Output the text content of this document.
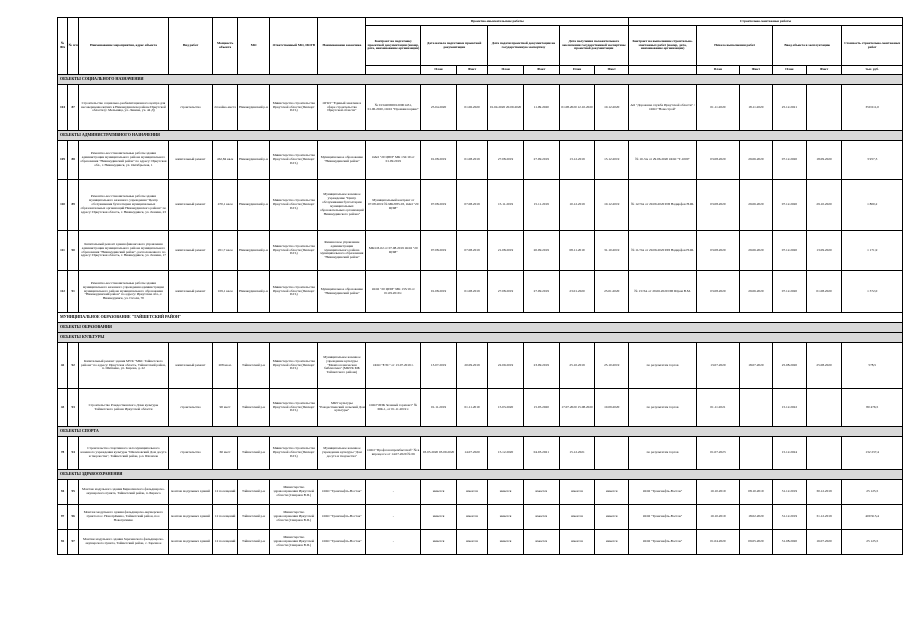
№ ФА	№ п/п	Наименование мероприятия, адрес объекта	Вид работ	Мощность объекта	МО	Ответственный МО, ИОГВ	Наименование заказчика	Проектно-изыскательские работы							Строительно-монтажные работы					
								Контракт на подготовку проектной документации (номер, дата, наименование организации)	Дата начала подготовки проектной документации		Дата подачи проектной документации на государственную экспертизу		Дата получения положительного заключения государственной экспертизы проектной документации		Контракт на выполнение строительно-монтажных работ (номер, дата, наименование организации)	Начало выполнения работ		Ввод объекта в эксплуатацию		Стоимость строительно-монтажных работ
									План	Факт	План	Факт	План	Факт		План	Факт	План	Факт	тыс. руб.
ОБЪЕКТЫ СОЦИАЛЬНОГО НАЗНАЧЕНИЯ																				
104	87	Строительство социально-реабилитационного центра для несовершеннолетних в Нижнеудинском районе Иркутской области (г. Мельница, ул. Ленина, уч. 44 Д)	строительство	24 койко-места	Нижнеудинский р-н	Министерство строительства Иркутской области (Пискорт П.П.)	ОГКУ "Единый заказчик в сфере строительства Иркутской области"	№ 0134200000120001431, 01.06.2020, ООО "Промжилсервис"	25.04.2020	01.06.2020	01.04.2020 20.09.2020	11.09.2020	01.08.2020 12.10.2020	10.12.2020	АО "Дорожная служба Иркутской области" / ООО "Новострой"	01.11.2020	18.11.2020	25.12.2021		350 611,0
ОБЪЕКТЫ АДМИНИСТРАТИВНОГО НАЗНАЧЕНИЯ																				
109	88	Ремонтно-восстановительные работы здания администрации муниципального района муниципального образования "Нижнеудинский район" по адресу: Иркутская обл., г. Нижнеудинск, ул. Октябрьская, 1	капитальный ремонт	462,84 кв.м	Нижнеудинский р-н	Министерство строительства Иркутской области (Пискорт П.П.)	Муниципальное образование "Нижнеудинский район"	ОАО "20 ЦПИ" МК 132/19 от 01.09.2019	01.08.2019	01.08.2019	27.08.2019	27.09.2019	13.12.2019	13.12.2019	№ 10-3А от 29.06.2020 ООО "Т-1000"	03.08.2020	29.06.2020	07.12.2020	18.09.2020	3 957,3
110	89	Ремонтно-восстановительные работы здания муниципального казенного учреждения "Центр обслуживания бухгалтерии муниципальных образовательных организаций Нижнеудинского района" по адресу: Иркутская область, г. Нижнеудинск, ул. Ленина, 23	капитальный ремонт	470,1 кв.м	Нижнеудинский р-н	Министерство строительства Иркутской области (Пискорт П.П.)	Муниципальное казенное учреждение "Центр обслуживания бухгалтерии муниципальных образовательных организаций Нижнеудинского района"	Муниципальный контракт от 07.08.2019 № МК/083-03, ОАО "20 ЦПИ"	07.08.2019	07.08.2019	15.11.2019	15.11.2019	10.12.2019	10.12.2019	№ 12/ЭА от 29.06.2020 ИП Надирфов Н.Ш.	03.08.2020	29.06.2020	07.12.2020	29.10.2020	1 800,2
111	90	Капитальный ремонт здания финансового управления администрации муниципального района муниципального образования "Нижнеудинский район", расположенного по адресу: Иркутская область, г. Нижнеудинск, ул. Ленина, 17	капитальный ремонт	201,7 кв.м	Нижнеудинский р-н	Министерство строительства Иркутской области (Пискорт П.П.)	Финансовое управление администрации муниципального района муниципального образования "Нижнеудинский район"	МК/ОЗ-02 от 07.08.2019 ООО "20 ЦПИ"	07.08.2019	07.08.2019	21.08.2019	20.09.2019	08.11.2019	31.10.2019	№ 11/ЭА от 29.06.2020 ИП Надирфов Н.Ш.	03.08.2020	29.06.2020	07.12.2020	13.09.2020	1 171,9
112	91	Ремонтно-восстановительные работы здания муниципального казенного учреждения администрации муниципального района муниципального образования "Нижнеудинский район" по адресу: Иркутская обл., г. Нижнеудинск, ул. Гоголя, 70	капитальный ремонт	109,1 кв.м	Нижнеудинский р-н	Министерство строительства Иркутской области (Пискорт П.П.)	Муниципальное образование "Нижнеудинский район"	ООО "20 ЦПИ" МК 133/19 от 01.09.2019 г.	01.08.2019	01.08.2019	27.08.2019	27.09.2019	23.01.2020	23.01.2020	№ 13/ЭА от 29.06.2020 ИП Шрам В.М.	03.08.2020	29.06.2020	07.12.2020	01.08.2020	1 372,0
МУНИЦИПАЛЬНОЕ ОБРАЗОВАНИЕ "ТАЙШЕТСКИЙ РАЙОН"																				
ОБЪЕКТЫ ОБРАЗОВАНИЯ																				
ОБЪЕКТЫ КУЛЬТУРЫ																				
42	92	Капитальный ремонт здания МУК "МКС Тайшетского района" по адресу: Иркутская область, Тайшетский район, п. Шиткино, ул. Кирова, д. 22	капитальный ремонт	208 кв.м.	Тайшетский р-н	Министерство строительства Иркутской области (Пискорт П.П.)	Муниципальное казенное учреждение культуры "Межпоселенческая библиотека" (МКУК МБ Тайшетского района)	ООО "ЕЭС" от 13.07.2019 г.	13.07.2019	20.09.2019	22.09.2019	23.09.2019	25.10.2019	25.10.2019	по результатам торгов	13.07.2020	18.07.2020	25.08.2020	25.08.2020	578,5
43	93	Строительство Рождественского Дома культуры Тайшетского района Иркутской области	строительство	90 мест	Тайшетский р-н	Министерство строительства Иркутской области (Пискорт П.П.)	МКУ культуры "Рождественский сельский Дом культуры"	ООО"ЛИК Зеленый горизонт" № МК-1, от 01.11.2019 г.	01.11.2019	01.11.2019	15.03.2020	15.05.2020	17.07.2020 15.08.2020	10.09.2020	по результатам торгов	01.11.2021		15.12.2022		80 476,5
ОБЪЕКТЫ СПОРТА																				
78	94	Строительство спортивного зала муниципального казенного учреждения культуры "Шелеховский Дом досуга и творчества", Тайшетский район, р.п. Шелехов	строительство	60 мест	Тайшетский р-н	Министерство строительства Иркутской области (Пискорт П.П.)	Муниципальное казенное учреждение культуры "Дом досуга и творчества"	ООО "Профсоюзпромбытснаб" № в впроцессе от 14.07.2020 № 06	03.03.2020 03.09.2020	14.07.2020	15.12.2020	04.03.2021	15.12.2021		по результатам торгов	01.07.2023		15.12.2024		132 237,4
ОБЪЕКТЫ ЗДРАВООХРАНЕНИЯ																				
94	95	Монтаж модульного здания Бирюсинского фельдшерско-акушерского пункта, Тайшетский район, п. Бирюса	монтаж модульных зданий	12 посещений	Тайшетский р-н	Министерство здравоохранения Иркутской области (Смирнов В.П.)	ООО "Транснефть-Восток"	-	имеется	имеется	имеется	имеется	имеется	имеется	ООО "Транснефть-Восток"	10.10.2019	08.10.2019	31.12.2019	30.12.2019	25 125,5
97	96	Монтаж модульного здания фельдшерско-акушерского пункта пос. Новотрёмино, Тайшетский район, пос. Новотрёмино	монтаж модульных зданий	12 посещений	Тайшетский р-н	Министерство здравоохранения Иркутской области (Смирнов В.П.)	ООО "Транснефть-Восток"	-	имеется	имеется	имеется	имеется	имеется	имеется	ООО "Транснефть-Восток"	10.10.2019	18.02.2020	31.12.2019	31.12.2019	400 913,4
92	97	Монтаж модульного здания Зареченского фельдшерско-акушерского пункта, Тайшетский район, с. Заречное	монтаж модульных зданий	12 посещений	Тайшетский р-н	Министерство здравоохранения Иркутской области (Смирнов В.П.)	ООО "Транснефть-Восток"	-	имеется	имеется	имеется	имеется	имеется	имеется	ООО "Транснефть-Восток"	01.04.2020	09.05.2020	31.08.2020	16.07.2020	25 125,5
